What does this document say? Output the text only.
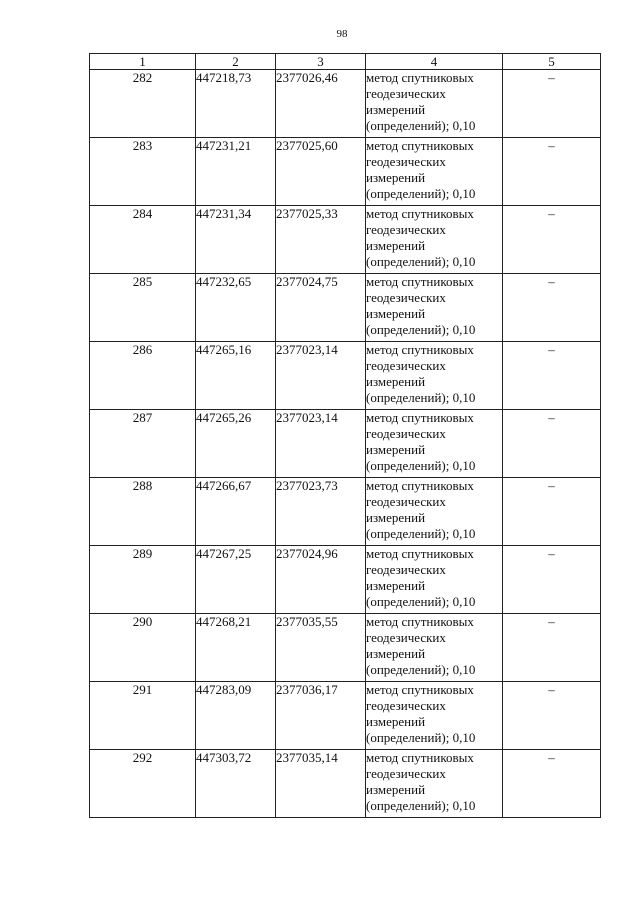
98
1	2	3	4	5
282	447218,73	2377026,46	метод спутниковых
геодезических
измерений
(определений); 0,10	–
283	447231,21	2377025,60	метод спутниковых
геодезических
измерений
(определений); 0,10	–
284	447231,34	2377025,33	метод спутниковых
геодезических
измерений
(определений); 0,10	–
285	447232,65	2377024,75	метод спутниковых
геодезических
измерений
(определений); 0,10	–
286	447265,16	2377023,14	метод спутниковых
геодезических
измерений
(определений); 0,10	–
287	447265,26	2377023,14	метод спутниковых
геодезических
измерений
(определений); 0,10	–
288	447266,67	2377023,73	метод спутниковых
геодезических
измерений
(определений); 0,10	–
289	447267,25	2377024,96	метод спутниковых
геодезических
измерений
(определений); 0,10	–
290	447268,21	2377035,55	метод спутниковых
геодезических
измерений
(определений); 0,10	–
291	447283,09	2377036,17	метод спутниковых
геодезических
измерений
(определений); 0,10	–
292	447303,72	2377035,14	метод спутниковых
геодезических
измерений
(определений); 0,10	–
